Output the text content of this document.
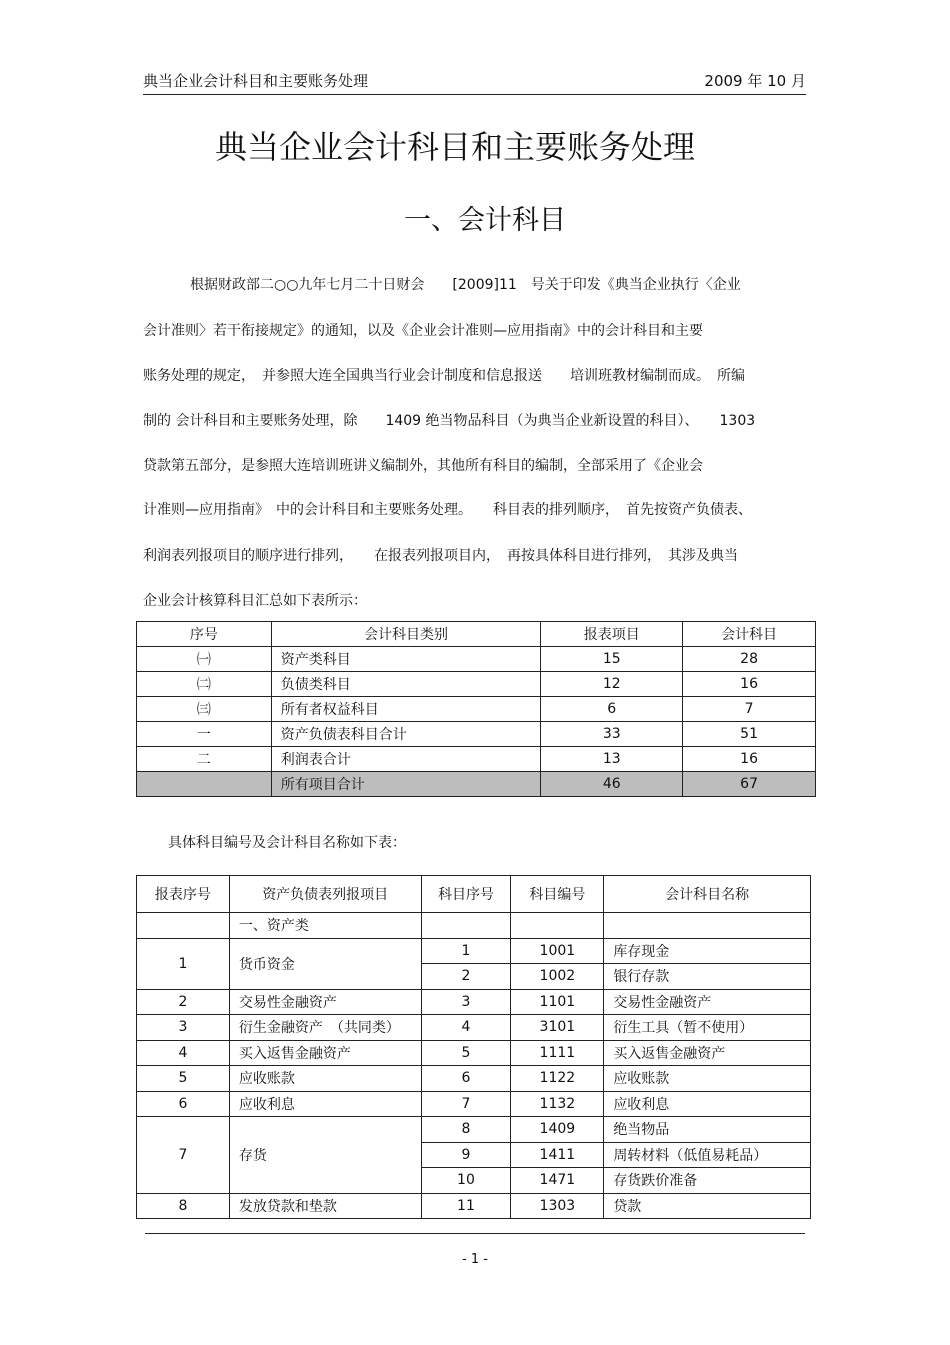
典当企业会计科目和主要账务处理	2009 年 10 月
典当企业会计科目和主要账务处理
一、会计科目
根据财政部二○○九年七月二十日财会　　[2009]11　号关于印发《典当企业执行〈企业
会计准则〉若干衔接规定》的通知，以及《企业会计准则—应用指南》中的会计科目和主要
账务处理的规定，　并参照大连全国典当行业会计制度和信息报送　　培训班教材编制而成。　所编
制的 会计科目和主要账务处理，除　　1409 绝当物品科目（为典当企业新设置的科目）、　　1303
贷款第五部分，是参照大连培训班讲义编制外，其他所有科目的编制，全部采用了《企业会
计准则—应用指南》　中的会计科目和主要账务处理。　　科目表的排列顺序，　首先按资产负债表、
利润表列报项目的顺序进行排列，　　在报表列报项目内，　再按具体科目进行排列，　其涉及典当
企业会计核算科目汇总如下表所示：
序号	会计科目类别	报表项目	会计科目
㈠	资产类科目	15	28
㈡	负债类科目	12	16
㈢	所有者权益科目	6	7
一	资产负债表科目合计	33	51
二	利润表合计	13	16
	所有项目合计	46	67
具体科目编号及会计科目名称如下表：
报表序号	资产负债表列报项目	科目序号	科目编号	会计科目名称
	一、资产类			
1	货币资金	1	1001	库存现金
		2	1002	银行存款
2	交易性金融资产	3	1101	交易性金融资产
3	衍生金融资产　（共同类）	4	3101	衍生工具（暂不使用）
4	买入返售金融资产	5	1111	买入返售金融资产
5	应收账款	6	1122	应收账款
6	应收利息	7	1132	应收利息
7	存货	8	1409	绝当物品
		9	1411	周转材料（低值易耗品）
		10	1471	存货跌价准备
8	发放贷款和垫款	11	1303	贷款
- 1 -
